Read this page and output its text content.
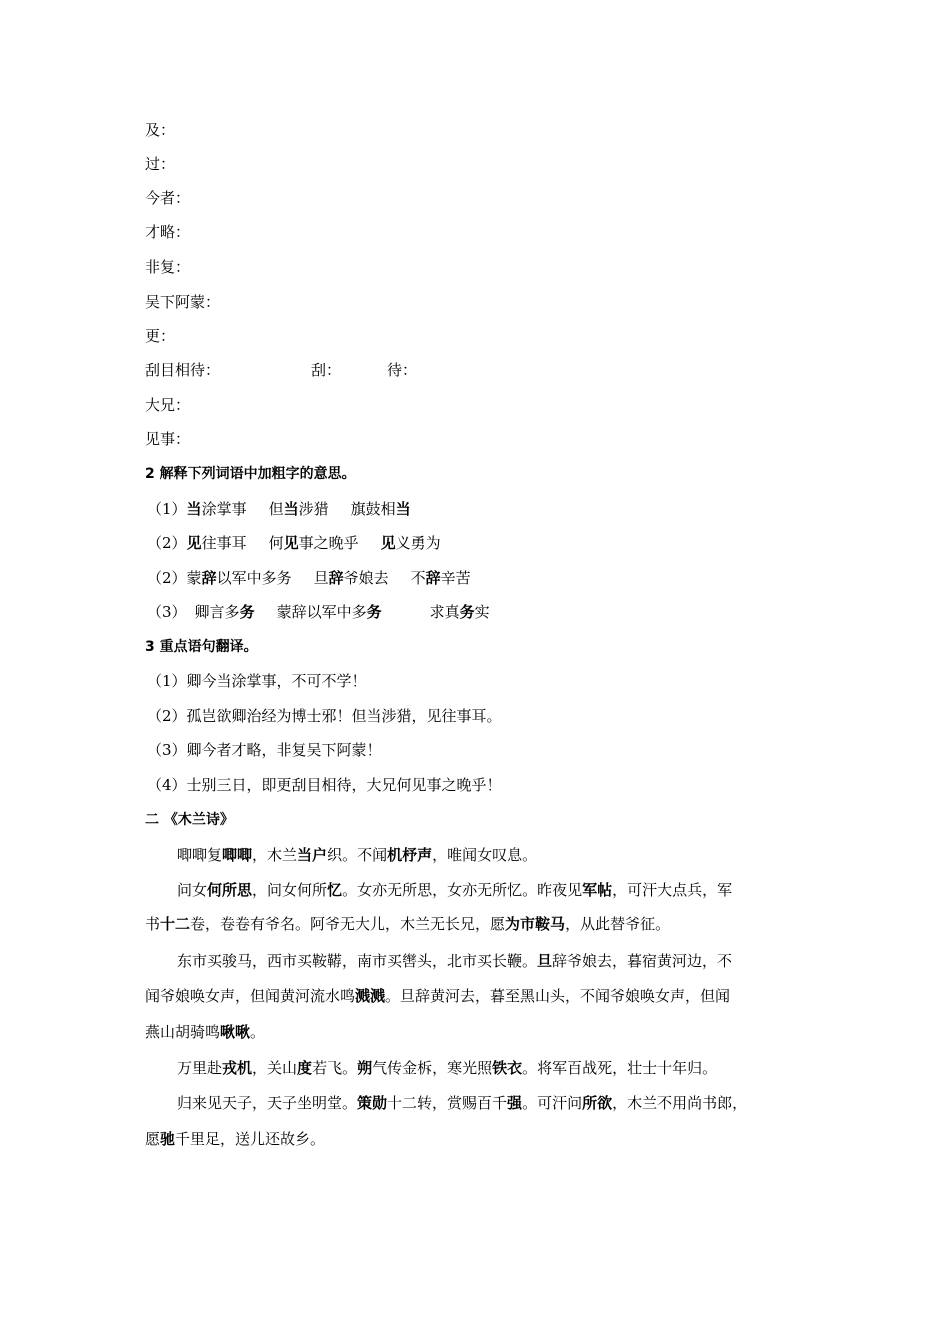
及：
过：
今者：
才略：
非复：
吴下阿蒙：
更：
刮目相待：	刮：	待：
大兄：
见事：
2 解释下列词语中加粗字的意思。
（1）当涂掌事 但当涉猎 旗鼓相当
（2）见往事耳 何见事之晚乎 见义勇为
（2）蒙辞以军中多务 旦辞爷娘去 不辞辛苦
（3） 卿言多务 蒙辞以军中多务	求真务实
3 重点语句翻译。
（1）卿今当涂掌事，不可不学！
（2）孤岂欲卿治经为博士邪！但当涉猎，见往事耳。
（3）卿今者才略，非复吴下阿蒙！
（4）士别三日，即更刮目相待，大兄何见事之晚乎！
二 《木兰诗》
唧唧复唧唧，木兰当户织。不闻机杼声，唯闻女叹息。
问女何所思，问女何所忆。女亦无所思，女亦无所忆。昨夜见军帖，可汗大点兵，军
书十二卷，卷卷有爷名。阿爷无大儿，木兰无长兄，愿为市鞍马，从此替爷征。
东市买骏马，西市买鞍鞯，南市买辔头，北市买长鞭。旦辞爷娘去，暮宿黄河边，不
闻爷娘唤女声，但闻黄河流水鸣溅溅。旦辞黄河去，暮至黑山头，不闻爷娘唤女声，但闻
燕山胡骑鸣啾啾。
万里赴戎机，关山度若飞。朔气传金柝，寒光照铁衣。将军百战死，壮士十年归。
归来见天子，天子坐明堂。策勋十二转，赏赐百千强。可汗问所欲，木兰不用尚书郎，
愿驰千里足，送儿还故乡。
